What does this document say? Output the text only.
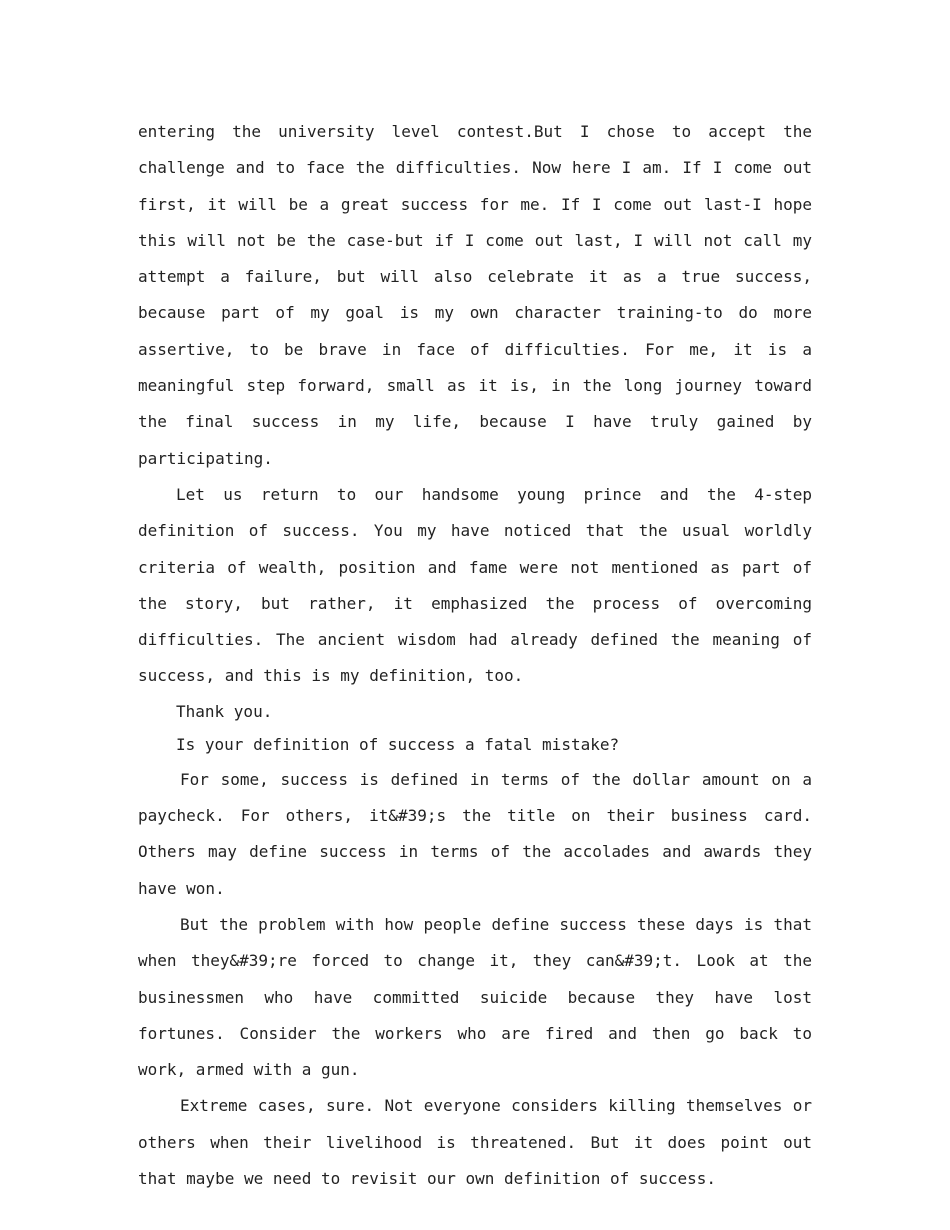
entering the university level contest.But I chose to accept the challenge and to face the difficulties. Now here I am. If I come out first, it will be a great success for me. If I come out last-I hope this will not be the case-but if I come out last, I will not call my attempt a failure, but will also celebrate it as a true success, because part of my goal is my own character training-to do more assertive, to be brave in face of difficulties. For me, it is a meaningful step forward, small as it is, in the long journey toward the final success in my life, because I have truly gained by participating.

Let us return to our handsome young prince and the 4-step definition of success. You my have noticed that the usual worldly criteria of wealth, position and fame were not mentioned as part of the story, but rather, it emphasized the process of overcoming difficulties. The ancient wisdom had already defined the meaning of success, and this is my definition, too.

Thank you.

Is your definition of success a fatal mistake?

For some, success is defined in terms of the dollar amount on a paycheck. For others, it&#39;s the title on their business card. Others may define success in terms of the accolades and awards they have won.

But the problem with how people define success these days is that when they&#39;re forced to change it, they can&#39;t. Look at the businessmen who have committed suicide because they have lost fortunes. Consider the workers who are fired and then go back to work, armed with a gun.

Extreme cases, sure. Not everyone considers killing themselves or others when their livelihood is threatened. But it does point out that maybe we need to revisit our own definition of success.
